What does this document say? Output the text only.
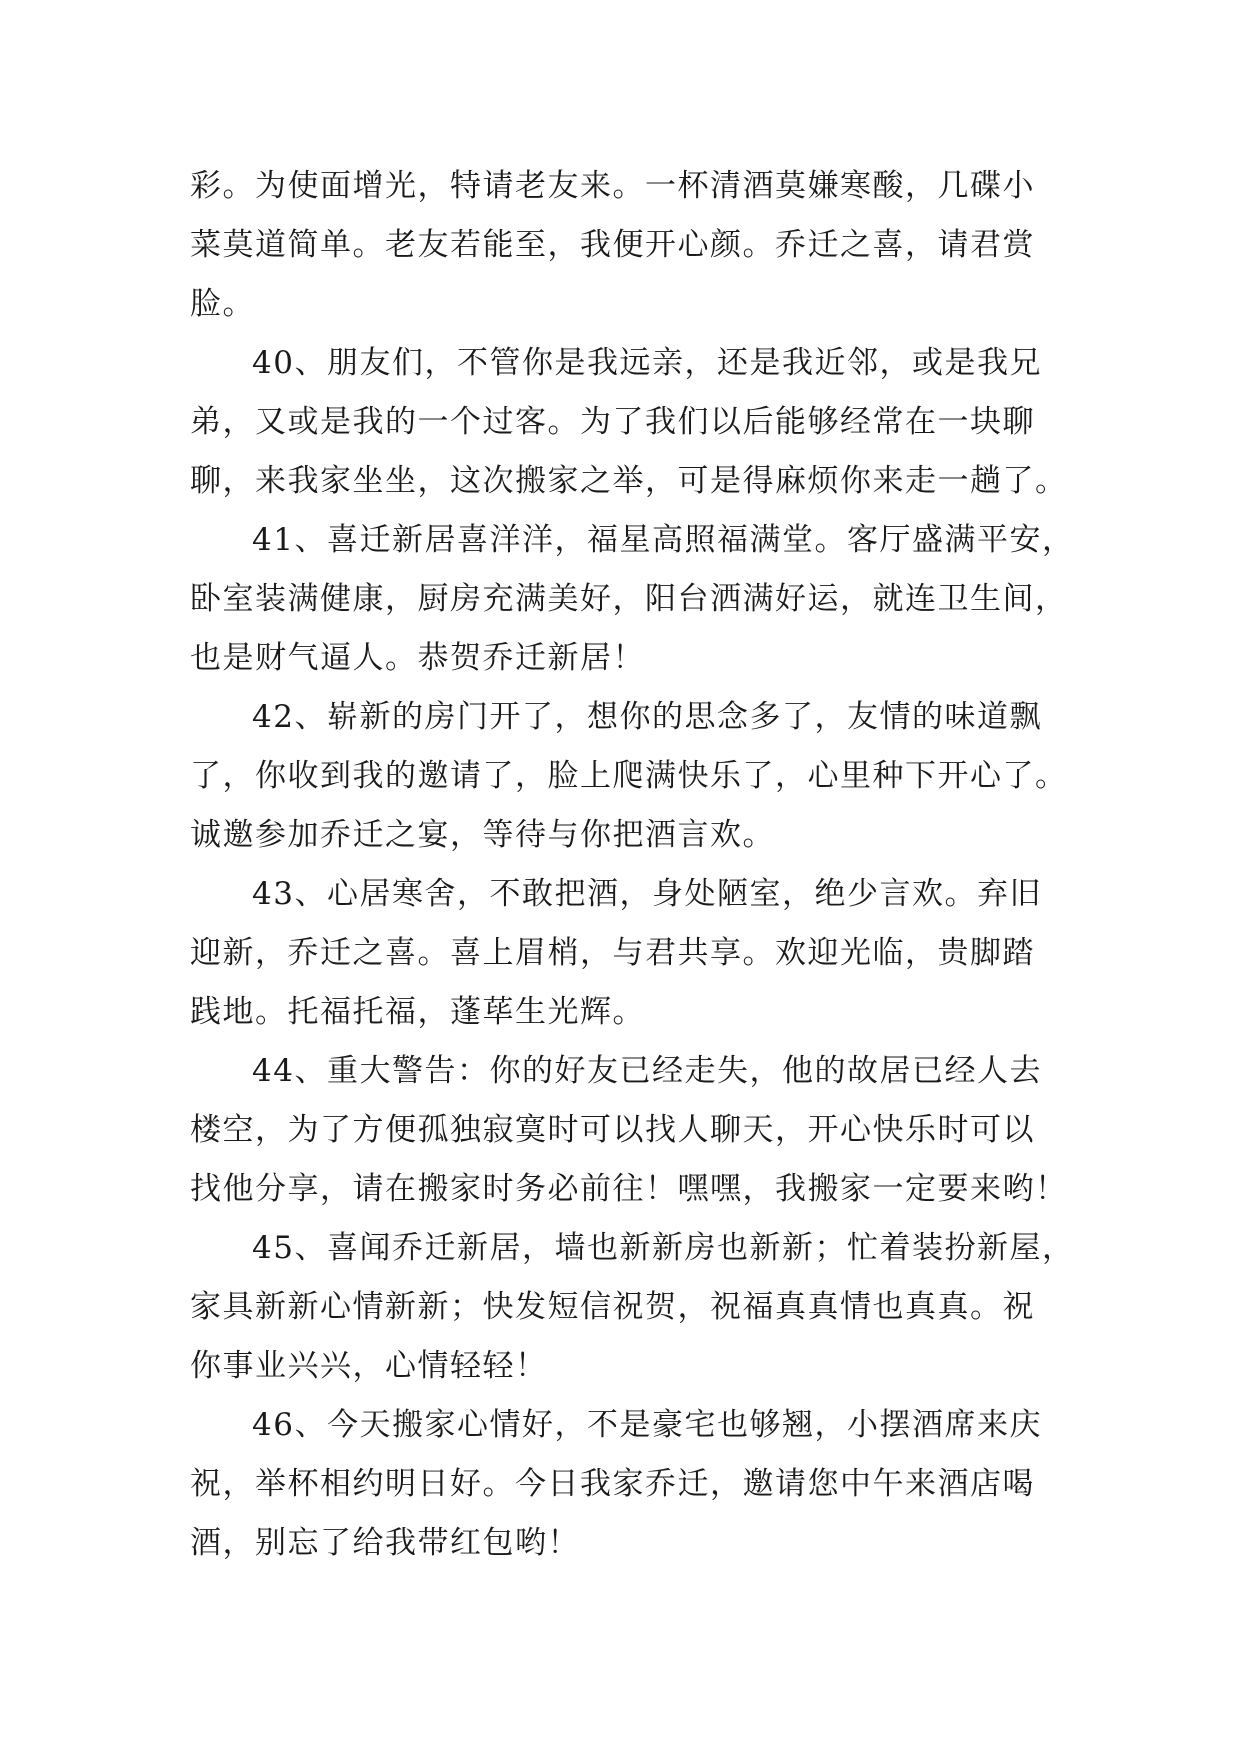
彩。为使面增光，特请老友来。一杯清酒莫嫌寒酸，几碟小
菜莫道简单。老友若能至，我便开心颜。乔迁之喜，请君赏
脸。
40、朋友们，不管你是我远亲，还是我近邻，或是我兄
弟，又或是我的一个过客。为了我们以后能够经常在一块聊
聊，来我家坐坐，这次搬家之举，可是得麻烦你来走一趟了。
41、喜迁新居喜洋洋，福星高照福满堂。客厅盛满平安，
卧室装满健康，厨房充满美好，阳台洒满好运，就连卫生间，
也是财气逼人。恭贺乔迁新居！
42、崭新的房门开了，想你的思念多了，友情的味道飘
了，你收到我的邀请了，脸上爬满快乐了，心里种下开心了。
诚邀参加乔迁之宴，等待与你把酒言欢。
43、心居寒舍，不敢把酒，身处陋室，绝少言欢。弃旧
迎新，乔迁之喜。喜上眉梢，与君共享。欢迎光临，贵脚踏
践地。托福托福，蓬荜生光辉。
44、重大警告：你的好友已经走失，他的故居已经人去
楼空，为了方便孤独寂寞时可以找人聊天，开心快乐时可以
找他分享，请在搬家时务必前往！嘿嘿，我搬家一定要来哟！
45、喜闻乔迁新居，墙也新新房也新新；忙着装扮新屋，
家具新新心情新新；快发短信祝贺，祝福真真情也真真。祝
你事业兴兴，心情轻轻！
46、今天搬家心情好，不是豪宅也够翘，小摆酒席来庆
祝，举杯相约明日好。今日我家乔迁，邀请您中午来酒店喝
酒，别忘了给我带红包哟！
